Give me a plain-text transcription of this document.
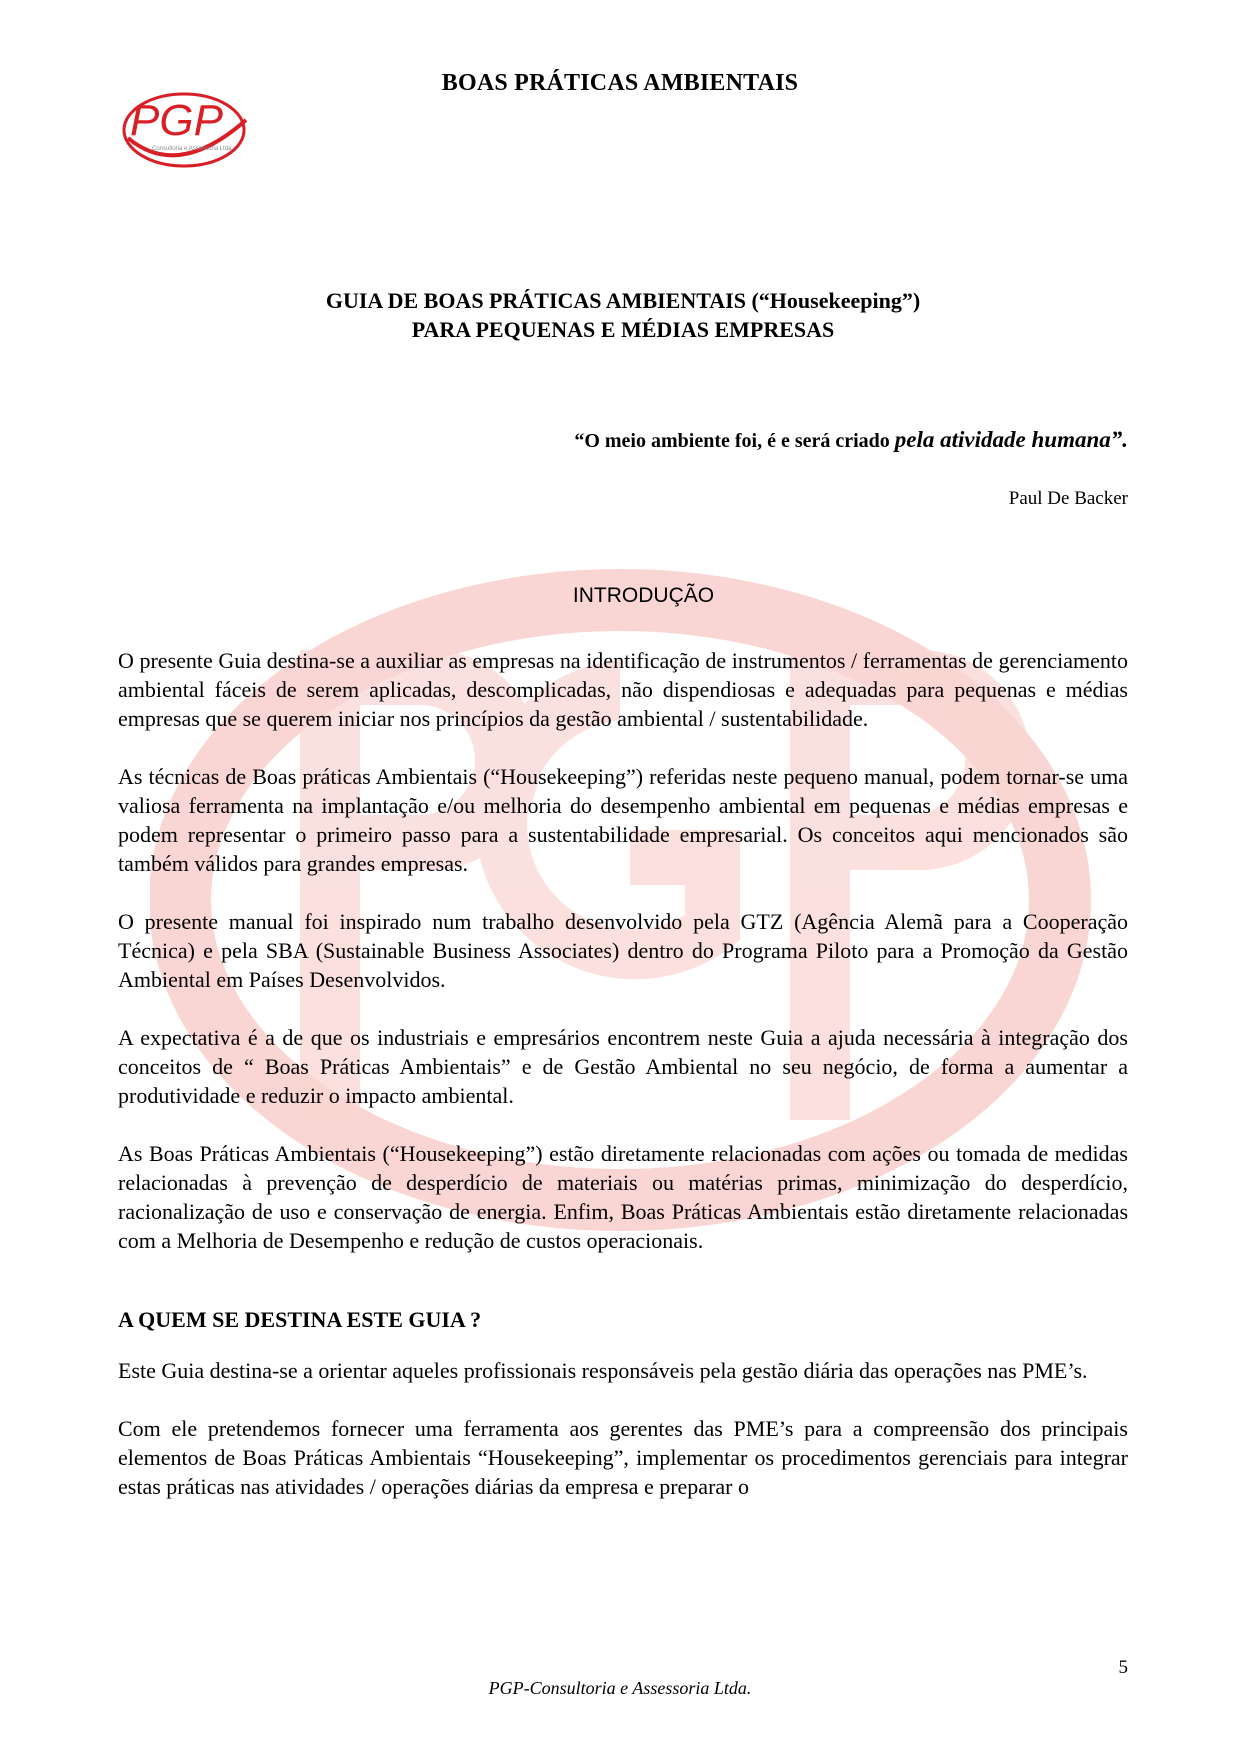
PGP
Consultoria e Assessoria Ltda.
BOAS PRÁTICAS AMBIENTAIS
GUIA DE BOAS PRÁTICAS AMBIENTAIS (“Housekeeping”)
PARA PEQUENAS E MÉDIAS EMPRESAS
“O meio ambiente foi, é e será criado pela atividade humana”.
Paul De Backer
INTRODUÇÃO

O presente Guia destina-se a auxiliar as empresas na identificação de instrumentos / ferramentas de gerenciamento ambiental fáceis de serem aplicadas, descomplicadas, não dispendiosas e adequadas para pequenas e médias empresas que se querem iniciar nos princípios da gestão ambiental / sustentabilidade.

As técnicas de Boas práticas Ambientais (“Housekeeping”) referidas neste pequeno manual, podem tornar-se uma valiosa ferramenta na implantação e/ou melhoria do desempenho ambiental em pequenas e médias empresas e podem representar o primeiro passo para a sustentabilidade empresarial. Os conceitos aqui mencionados são também válidos para grandes empresas.

O presente manual foi inspirado num trabalho desenvolvido pela GTZ (Agência Alemã para a Cooperação Técnica) e pela SBA (Sustainable Business Associates) dentro do Programa Piloto para a Promoção da Gestão Ambiental em Países Desenvolvidos.

A expectativa é a de que os industriais e empresários encontrem neste Guia a ajuda necessária à integração dos conceitos de “ Boas Práticas Ambientais” e de Gestão Ambiental no seu negócio, de forma a aumentar a produtividade e reduzir o impacto ambiental.

As Boas Práticas Ambientais (“Housekeeping”) estão diretamente relacionadas com ações ou tomada de medidas relacionadas à prevenção de desperdício de materiais ou matérias primas, minimização do desperdício, racionalização de uso e conservação de energia. Enfim, Boas Práticas Ambientais estão diretamente relacionadas com a Melhoria de Desempenho e redução de custos operacionais.

A QUEM SE DESTINA ESTE GUIA ?

Este Guia destina-se a orientar aqueles profissionais responsáveis pela gestão diária das operações nas PME’s.

Com ele pretendemos fornecer uma ferramenta aos gerentes das PME’s para a compreensão dos principais elementos de Boas Práticas Ambientais “Housekeeping”, implementar os procedimentos gerenciais para integrar estas práticas nas atividades / operações diárias da empresa e preparar o

5
PGP-Consultoria e Assessoria Ltda.
